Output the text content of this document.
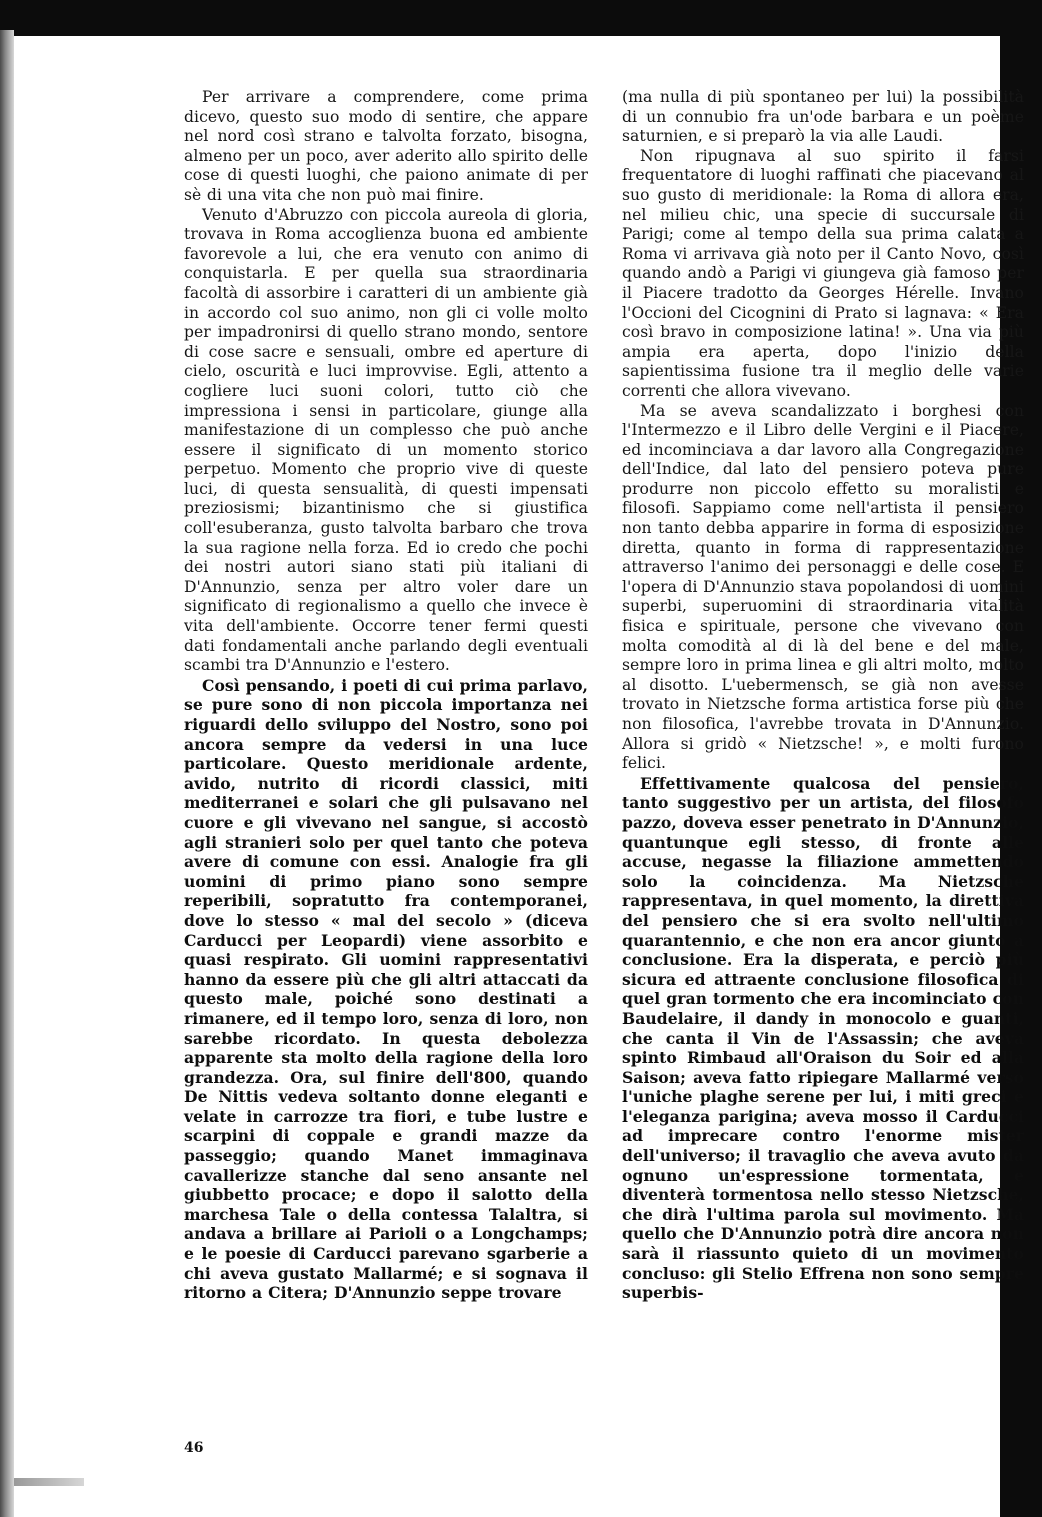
Per arrivare a comprendere, come prima dicevo, questo suo modo di sentire, che appare nel nord così strano e talvolta forzato, bisogna, almeno per un poco, aver aderito allo spirito delle cose di questi luoghi, che paiono animate di per sè di una vita che non può mai finire.

Venuto d'Abruzzo con piccola aureola di gloria, trovava in Roma accoglienza buona ed ambiente favorevole a lui, che era venuto con animo di conquistarla. E per quella sua straordinaria facoltà di assorbire i caratteri di un ambiente già in accordo col suo animo, non gli ci volle molto per impadronirsi di quello strano mondo, sentore di cose sacre e sensuali, ombre ed aperture di cielo, oscurità e luci improvvise. Egli, attento a cogliere luci suoni colori, tutto ciò che impressiona i sensi in particolare, giunge alla manifestazione di un complesso che può anche essere il significato di un momento storico perpetuo. Momento che proprio vive di queste luci, di questa sensualità, di questi impensati preziosismi; bizantinismo che si giustifica coll'esuberanza, gusto talvolta barbaro che trova la sua ragione nella forza. Ed io credo che pochi dei nostri autori siano stati più italiani di D'Annunzio, senza per altro voler dare un significato di regionalismo a quello che invece è vita dell'ambiente. Occorre tener fermi questi dati fondamentali anche parlando degli eventuali scambi tra D'Annunzio e l'estero.

Così pensando, i poeti di cui prima parlavo, se pure sono di non piccola importanza nei riguardi dello sviluppo del Nostro, sono poi ancora sempre da vedersi in una luce particolare. Questo meridionale ardente, avido, nutrito di ricordi classici, miti mediterranei e solari che gli pulsavano nel cuore e gli vivevano nel sangue, si accostò agli stranieri solo per quel tanto che poteva avere di comune con essi. Analogie fra gli uomini di primo piano sono sempre reperibili, sopratutto fra contemporanei, dove lo stesso « mal del secolo » (diceva Carducci per Leopardi) viene assorbito e quasi respirato. Gli uomini rappresentativi hanno da essere più che gli altri attaccati da questo male, poiché sono destinati a rimanere, ed il tempo loro, senza di loro, non sarebbe ricordato. In questa debolezza apparente sta molto della ragione della loro grandezza. Ora, sul finire dell'800, quando De Nittis vedeva soltanto donne eleganti e velate in carrozze tra fiori, e tube lustre e scarpini di coppale e grandi mazze da passeggio; quando Manet immaginava cavallerizze stanche dal seno ansante nel giubbetto procace; e dopo il salotto della marchesa Tale o della contessa Talaltra, si andava a brillare ai Parioli o a Longchamps; e le poesie di Carducci parevano sgarberie a chi aveva gustato Mallarmé; e si sognava il ritorno a Citera; D'Annunzio seppe trovare

(ma nulla di più spontaneo per lui) la possibilità di un connubio fra un'ode barbara e un poème saturnien, e si preparò la via alle Laudi.

Non ripugnava al suo spirito il farsi frequentatore di luoghi raffinati che piacevano al suo gusto di meridionale: la Roma di allora era, nel milieu chic, una specie di succursale di Parigi; come al tempo della sua prima calata a Roma vi arrivava già noto per il Canto Novo, così quando andò a Parigi vi giungeva già famoso per il Piacere tradotto da Georges Hérelle. Invano l'Occioni del Cicognini di Prato si lagnava: « Era così bravo in composizione latina! ». Una via più ampia era aperta, dopo l'inizio della sapientissima fusione tra il meglio delle varie correnti che allora vivevano.

Ma se aveva scandalizzato i borghesi con l'Intermezzo e il Libro delle Vergini e il Piacere, ed incominciava a dar lavoro alla Congregazione dell'Indice, dal lato del pensiero poteva pure produrre non piccolo effetto su moralisti e filosofi. Sappiamo come nell'artista il pensiero non tanto debba apparire in forma di esposizione diretta, quanto in forma di rappresentazione attraverso l'animo dei personaggi e delle cose. E l'opera di D'Annunzio stava popolandosi di uomini superbi, superuomini di straordinaria vitalità fisica e spirituale, persone che vivevano con molta comodità al di là del bene e del male, sempre loro in prima linea e gli altri molto, molto al disotto. L'uebermensch, se già non avesse trovato in Nietzsche forma artistica forse più che non filosofica, l'avrebbe trovata in D'Annunzio. Allora si gridò « Nietzsche! », e molti furono felici.

Effettivamente qualcosa del pensiero, tanto suggestivo per un artista, del filosofo pazzo, doveva esser penetrato in D'Annunzio, quantunque egli stesso, di fronte alle accuse, negasse la filiazione ammettendo solo la coincidenza. Ma Nietzsche rappresentava, in quel momento, la direttiva del pensiero che si era svolto nell'ultimo quarantennio, e che non era ancor giunto a conclusione. Era la disperata, e perciò più sicura ed attraente conclusione filosofica di quel gran tormento che era incominciato con Baudelaire, il dandy in monocolo e guanti, che canta il Vin de l'Assassin; che aveva spinto Rimbaud all'Oraison du Soir ed alla Saison; aveva fatto ripiegare Mallarmé verso l'uniche plaghe serene per lui, i miti greci e l'eleganza parigina; aveva mosso il Carducci ad imprecare contro l'enorme mister dell'universo; il travaglio che aveva avuto da ognuno un'espressione tormentata, e diventerà tormentosa nello stesso Nietzsche, che dirà l'ultima parola sul movimento. Ma quello che D'Annunzio potrà dire ancora non sarà il riassunto quieto di un movimento concluso: gli Stelio Effrena non sono sempre superbis-

46
